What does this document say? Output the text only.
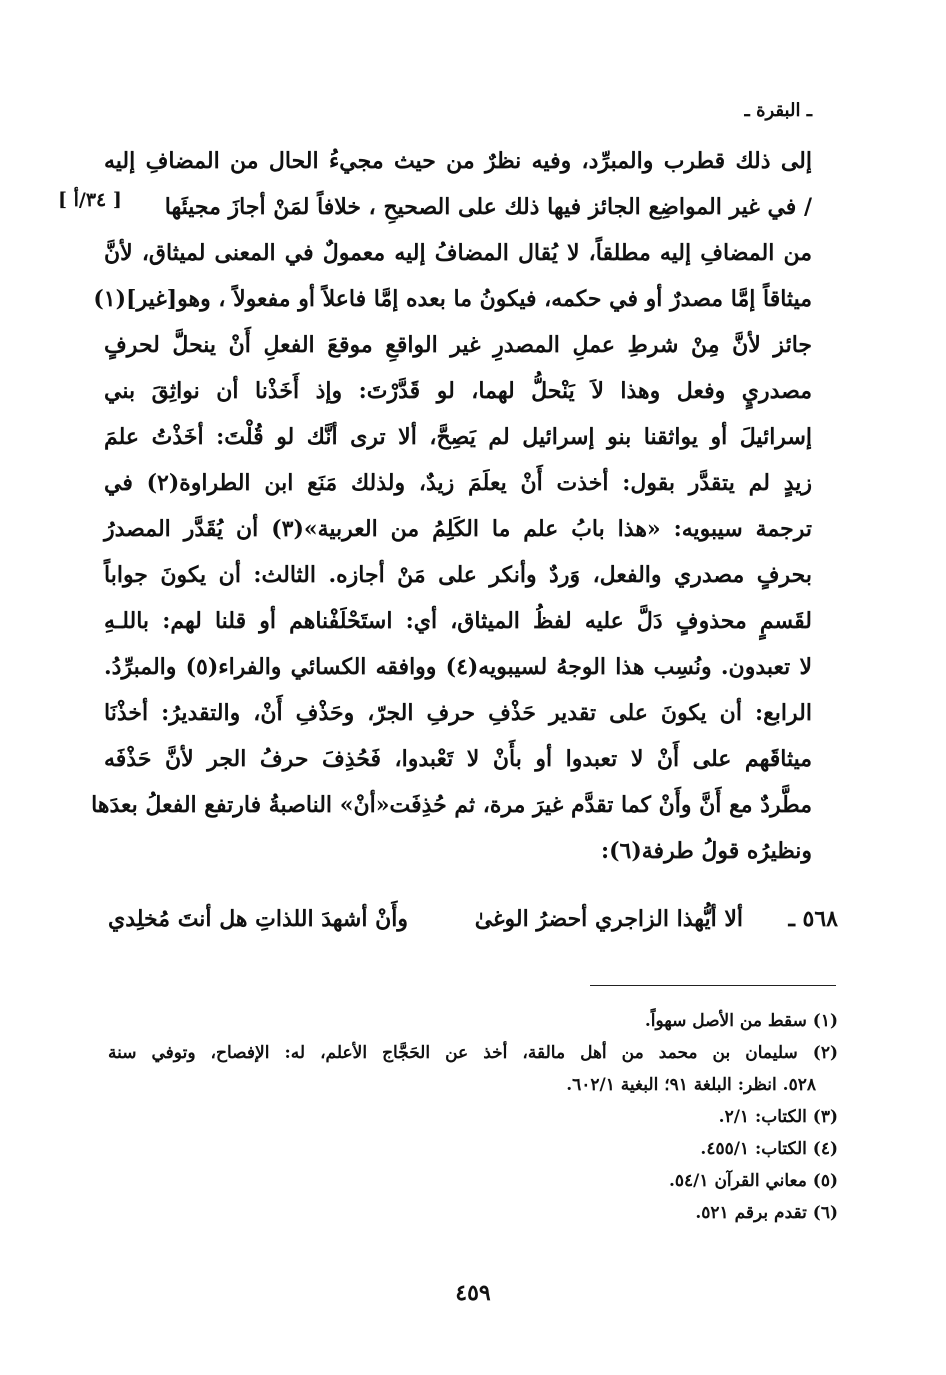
ـ البقرة ـ
[ ٣٤/أ ]
إلى ذلك قطرب والمبرِّد، وفيه نظرٌ من حيث مجيءُ الحال من المضافِ إليه
/ في غير المواضِع الجائز فيها ذلك على الصحيحِ ، خلافاً لمَنْ أجازَ مجيئَها
من المضافِ إليه مطلقاً، لا يُقال المضافُ إليه معمولٌ في المعنى لميثاق، لأنَّ
ميثاقاً إمَّا مصدرٌ أو في حكمه، فيكونُ ما بعده إمَّا فاعلاً أو مفعولاً ، وهو[غير](١)
جائز لأنَّ مِنْ شرطِ عملِ المصدرِ غير الواقعِ موقعَ الفعلِ أَنْ ينحلَّ لحرفٍ
مصدريٍ وفعل وهذا لاَ يَنْحلُّ لهما، لو قَدَّرْتَ: وإذ أَخَذْنا أن نواثِقَ بني
إسرائيلَ أو يواثقنا بنو إسرائيل لم يَصِحَّ، ألا ترى أنَّك لو قُلْتَ: أخَذْتُ علمَ
زيدٍ لم يتقدَّر بقول: أخذت أَنْ يعلَمَ زيدٌ، ولذلك مَنَع ابن الطراوة(٢) في
ترجمة سيبويه: «هذا بابُ علم ما الكَلِمُ من العربية»(٣) أن يُقَدَّر المصدرُ
بحرفٍ مصدري والفعل، وَردٌ وأنكر على مَنْ أجازه. الثالث: أن يكونَ جواباً
لقَسمٍ محذوفٍ دَلَّ عليه لفظُ الميثاق، أي: استَحْلَفْناهم أو قلنا لهم: باللـهِ
لا تعبدون. ونُسِب هذا الوجهُ لسيبويه(٤) ووافقه الكسائي والفراء(٥) والمبرِّدُ.
الرابع: أن يكونَ على تقدير حَذْفِ حرفِ الجرّ، وحَذْفِ أَنْ، والتقديرُ: أخذْنَا
ميثاقَهم على أَنْ لا تعبدوا أو بأَنْ لا تَعْبدوا، فَحُذِفَ حرفُ الجر لأنَّ حَذْفَه
مطَّردٌ مع أَنَّ وأَنْ كما تقدَّم غيرَ مرة، ثم حُذِفَت«أنْ» الناصبةُ فارتفع الفعلُ بعدَها
ونظيرُه قولُ طرفة(٦):
٥٦٨ ـ
ألا أيُّهذا الزاجري أحضرُ الوغىٰ
وأَنْ أشهدَ اللذاتِ هل أنتَ مُخلِدي
(١) سقط من الأصل سهواً.
(٢) سليمان بن محمد من أهل مالقة، أخذ عن الحَجَّاج الأعلم، له: الإفصاح، وتوفي سنة
٥٢٨. انظر: البلغة ٩١؛ البغية ٦٠٢/١.
(٣) الكتاب: ٢/١.
(٤) الكتاب: ٤٥٥/١.
(٥) معاني القرآن ٥٤/١.
(٦) تقدم برقم ٥٢١.
٤٥٩
